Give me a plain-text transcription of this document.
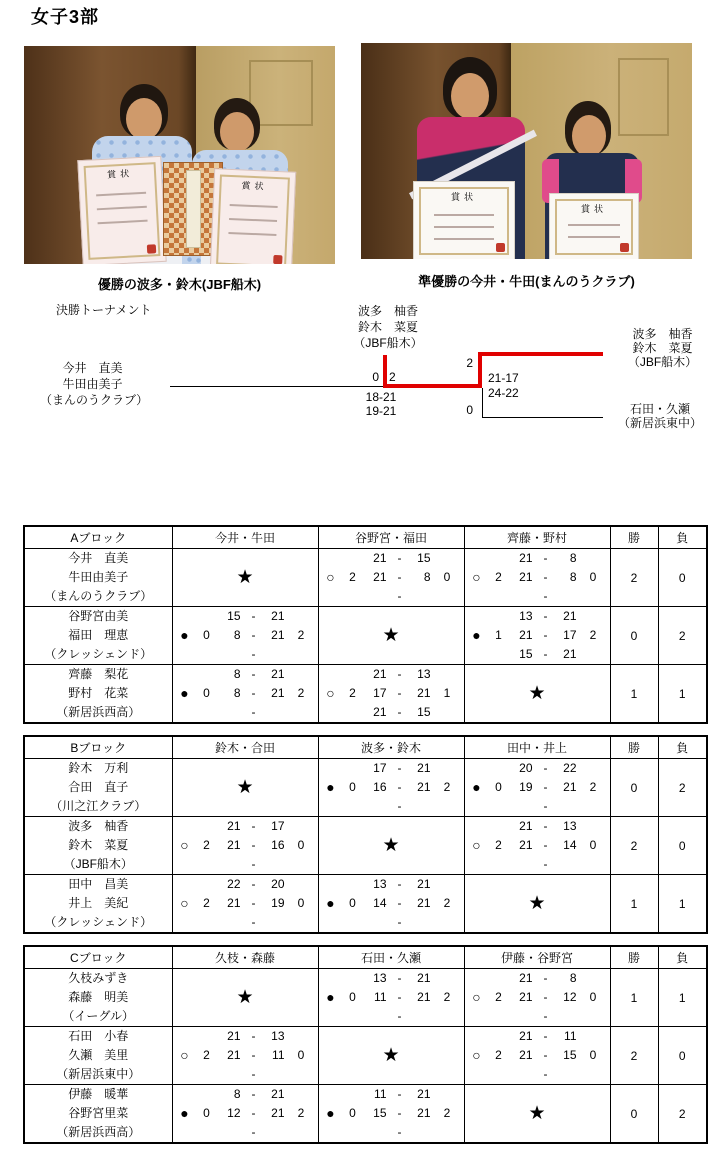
女子3部
賞状
賞状
賞状
賞状
優勝の波多・鈴木(JBF船木)	準優勝の今井・牛田(まんのうクラブ)
決勝トーナメント	波多　柚香
鈴木　菜夏
（JBF船木）
今井　直美
牛田由美子
（まんのうクラブ）
0 2
18-21
19-21
2
21-17
24-22
0
波多　柚香
鈴木　菜夏
（JBF船木）
石田・久瀬
（新居浜東中）
Aブロック	今井・牛田	谷野宮・福田	齊藤・野村	勝	負

今井　直美
牛田由美子
（まんのうクラブ）

★

21 -	15
○	2	21 -	8	0
-

21 -	8
○	2	21 -	8	0
-
	2	0

谷野宮由美
福田　理恵
（クレッシェンド）

15 -	21
●	0	8 -	21	2
-

★

13 -	21
●	1	21 -	17	2
15 -	21
	0	2

齊藤　梨花
野村　花菜
（新居浜西高）

8 -	21
●	0	8 -	21	2
-

21 -	13
○	2	17 -	21	1
21 -	15

★	1	1
Bブロック	鈴木・合田	波多・鈴木	田中・井上	勝	負

鈴木　万利
合田　直子
（川之江クラブ）

★

17 -	21
●	0	16 -	21	2
-

20 -	22
●	0	19 -	21	2
-
	0	2

波多　柚香
鈴木　菜夏
（JBF船木）

21 -	17
○	2	21 -	16	0
-

★

21 -	13
○	2	21 -	14	0
-
	2	0

田中　昌美
井上　美紀
（クレッシェンド）

22 -	20
○	2	21 -	19	0
-

13 -	21
●	0	14 -	21	2
-

★	1	1
Cブロック	久枝・森藤	石田・久瀬	伊藤・谷野宮	勝	負

久枝みずき
森藤　明美
（イーグル）

★

13 -	21
●	0	11 -	21	2
-

21 -	8
○	2	21 -	12	0
-
	1	1

石田　小春
久瀬　美里
（新居浜東中）

21 -	13
○	2	21 -	11	0
-

★

21 -	11
○	2	21 -	15	0
-
	2	0

伊藤　暖華
谷野宮里菜
（新居浜西高）

8 -	21
●	0	12 -	21	2
-

11 -	21
●	0	15 -	21	2
-

★	0	2
